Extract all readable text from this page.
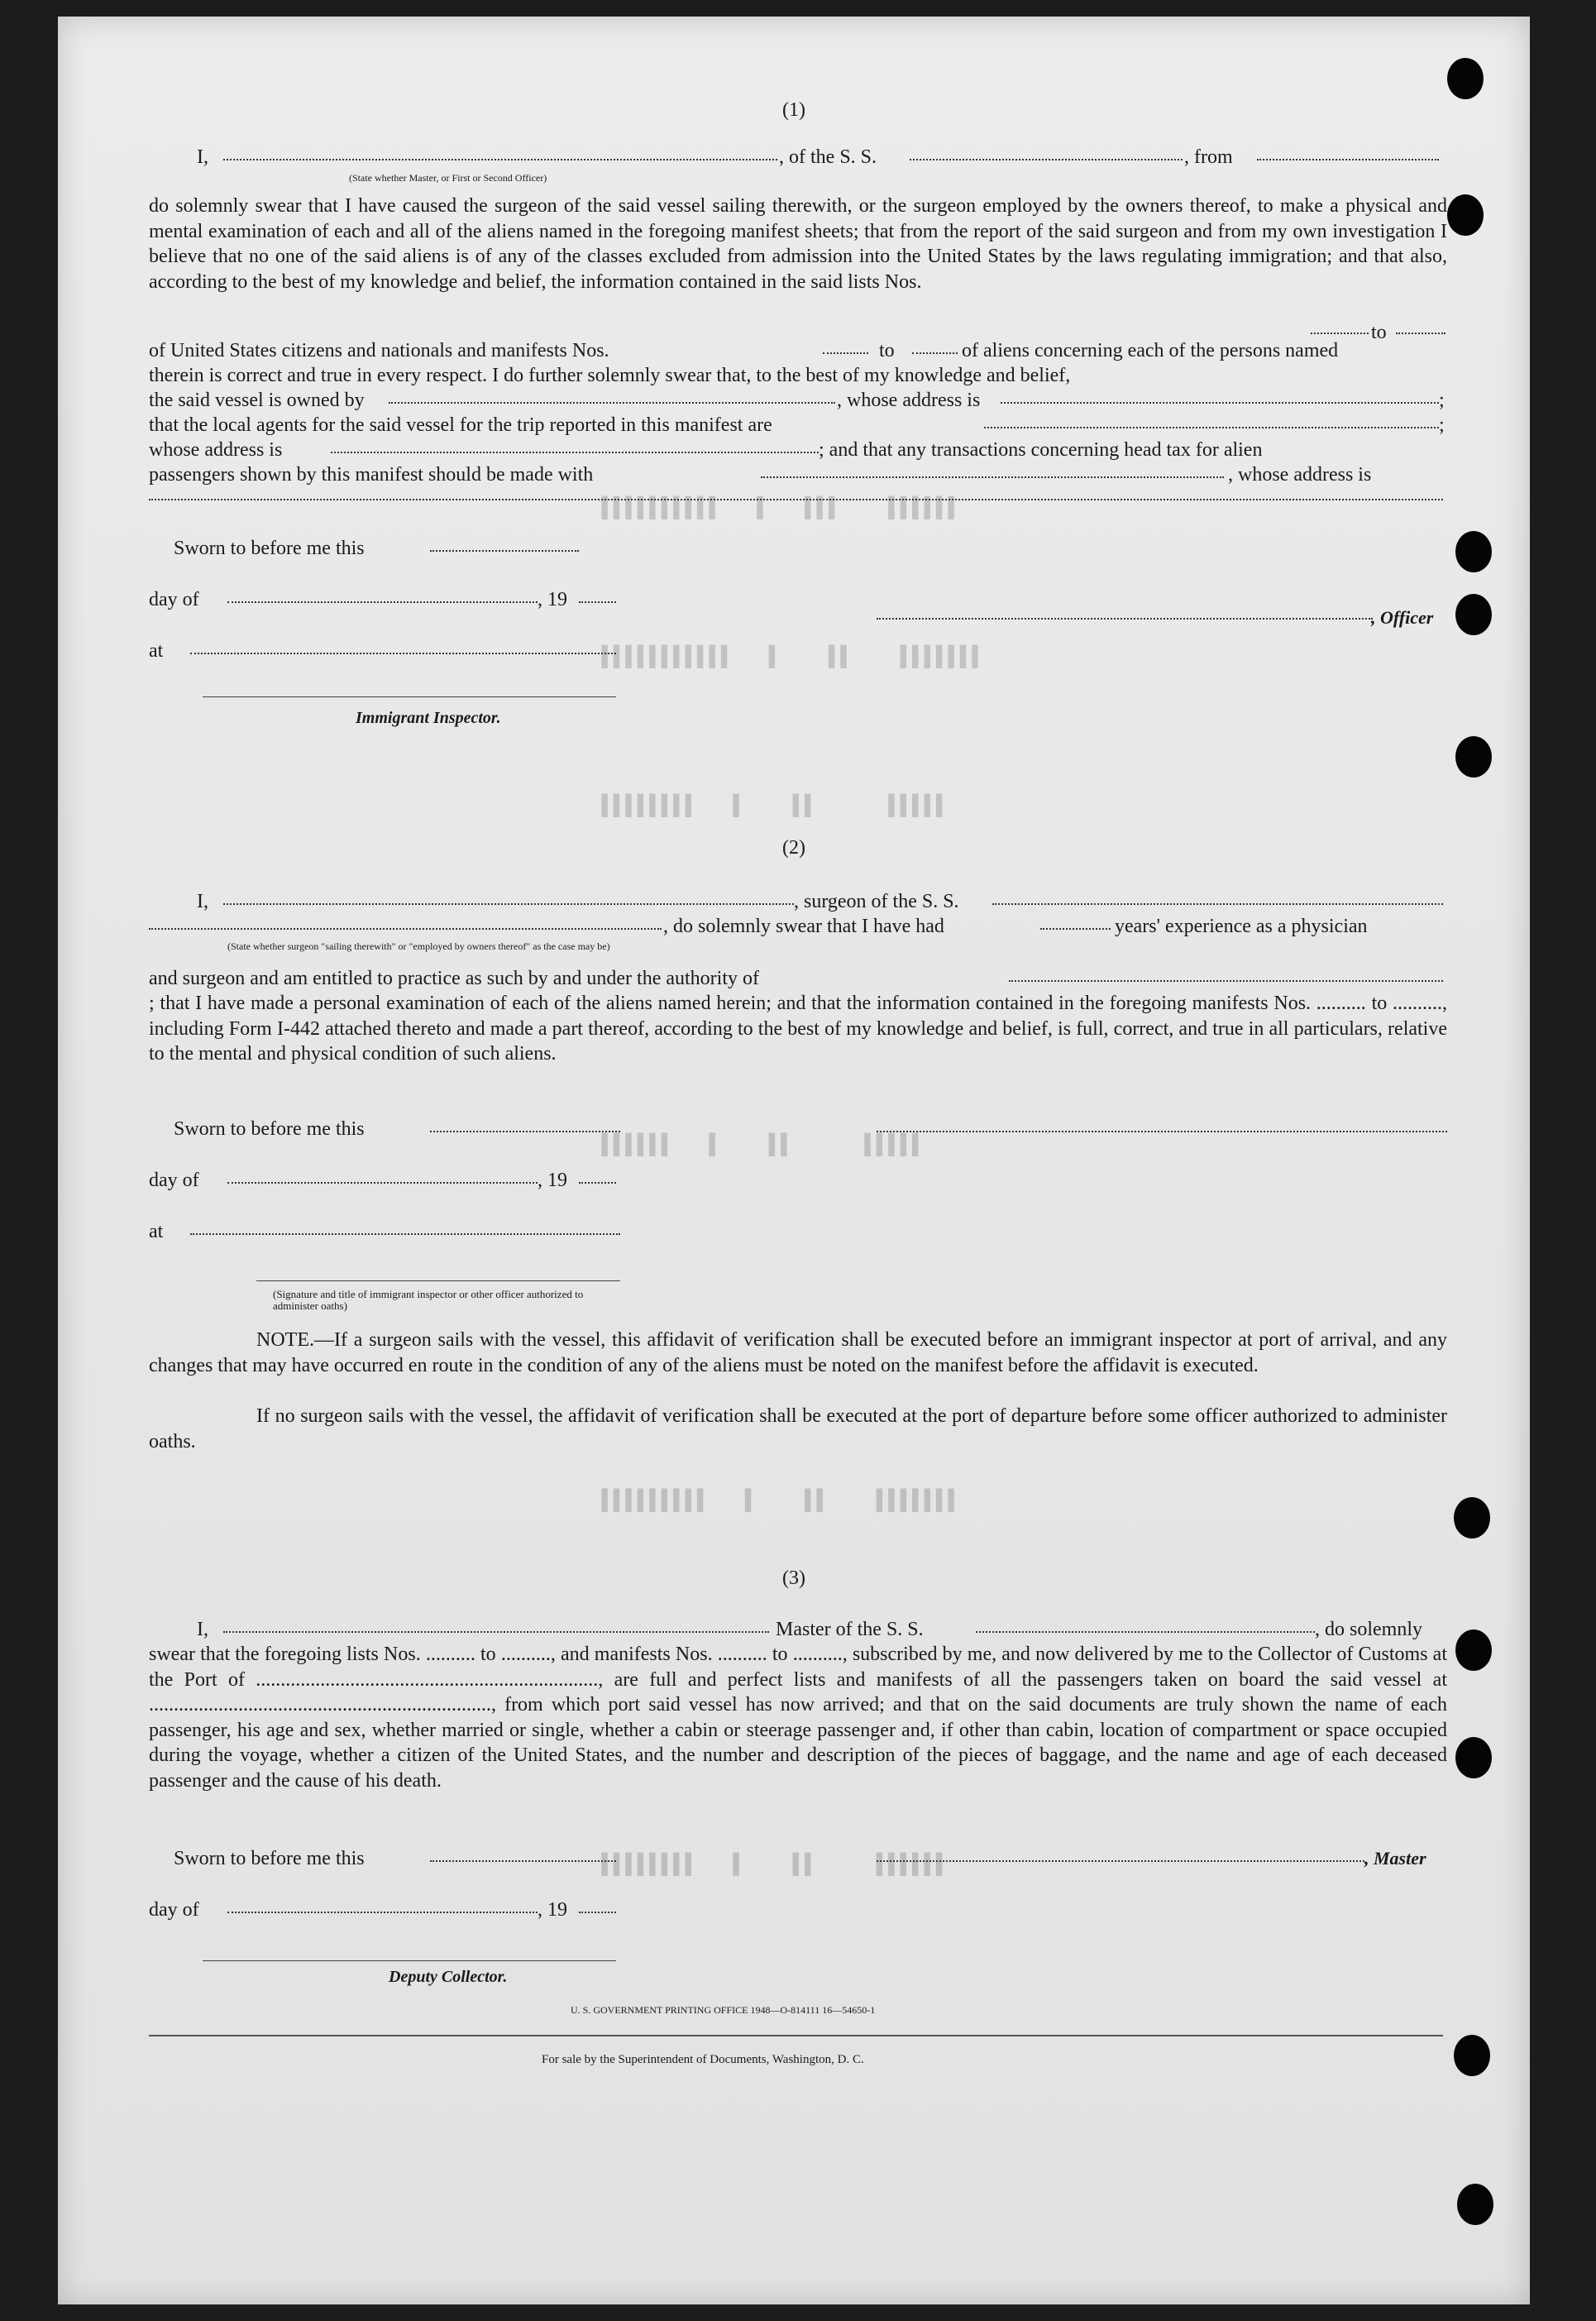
▌▌▌▌▌▌    ▌▌▌   ▌   ▌▌▌▌▌▌▌▌▌▌
▌▌▌▌▌▌▌    ▌▌    ▌   ▌▌▌▌▌▌▌▌▌▌▌
▌▌▌▌▌      ▌▌    ▌   ▌▌▌▌▌▌▌▌
▌▌▌▌▌      ▌▌    ▌   ▌▌▌▌▌▌
▌▌▌▌▌▌▌    ▌▌    ▌   ▌▌▌▌▌▌▌▌▌
▌▌▌▌▌▌     ▌▌    ▌   ▌▌▌▌▌▌▌▌
(1)
I,	, of the S. S.	, from
(State whether Master, or First or Second Officer)

do solemnly swear that I have caused the surgeon of the said vessel sailing therewith, or the surgeon employed by the owners thereof, to make a physical and mental examination of each and all of the aliens named in the foregoing manifest sheets; that from the report of the said surgeon and from my own investigation I believe that no one of the said aliens is of any of the classes excluded from admission into the United States by the laws regulating immigration; and that also, according to the best of my knowledge and belief, the information contained in the said lists Nos.

to
of United States citizens and nationals and manifests Nos.	to	of aliens concerning each of the persons named
therein is correct and true in every respect. I do further solemnly swear that, to the best of my knowledge and belief,
the said vessel is owned by	, whose address is	;
that the local agents for the said vessel for the trip reported in this manifest are	;
whose address is	; and that any transactions concerning head tax for alien
passengers shown by this manifest should be made with	, whose address is
Sworn to before me this
day of	, 19
at
Immigrant Inspector.
, Officer
(2)
I,	, surgeon of the S. S.
, do solemnly swear that I have had	years' experience as a physician
(State whether surgeon "sailing therewith" or "employed by owners thereof" as the case may be)
and surgeon and am entitled to practice as such by and under the authority of

; that I have made a personal examination of each of the aliens named herein; and that the information contained in the foregoing manifests Nos. .......... to .........., including Form I-442 attached thereto and made a part thereof, according to the best of my knowledge and belief, is full, correct, and true in all particulars, relative to the mental and physical condition of such aliens.

Sworn to before me this
day of	, 19
at
(Signature and title of immigrant inspector or other officer authorized to administer oaths)

NOTE.—If a surgeon sails with the vessel, this affidavit of verification shall be executed before an immigrant inspector at port of arrival, and any changes that may have occurred en route in the condition of any of the aliens must be noted on the manifest before the affidavit is executed.

If no surgeon sails with the vessel, the affidavit of verification shall be executed at the port of departure before some officer authorized to administer oaths.

(3)
I,	Master of the S. S.	, do solemnly

swear that the foregoing lists Nos. .......... to .........., and manifests Nos. .......... to .........., subscribed by me, and now delivered by me to the Collector of Customs at the Port of ....................................................................., are full and perfect lists and manifests of all the passengers taken on board the said vessel at ....................................................................., from which port said vessel has now arrived; and that on the said documents are truly shown the name of each passenger, his age and sex, whether married or single, whether a cabin or steerage passenger and, if other than cabin, location of compartment or space occupied during the voyage, whether a citizen of the United States, and the number and description of the pieces of baggage, and the name and age of each deceased passenger and the cause of his death.

Sworn to before me this	, Master
day of	, 19
Deputy Collector.
U. S. GOVERNMENT PRINTING OFFICE 1948—O-814111 16—54650-1
For sale by the Superintendent of Documents, Washington, D. C.
